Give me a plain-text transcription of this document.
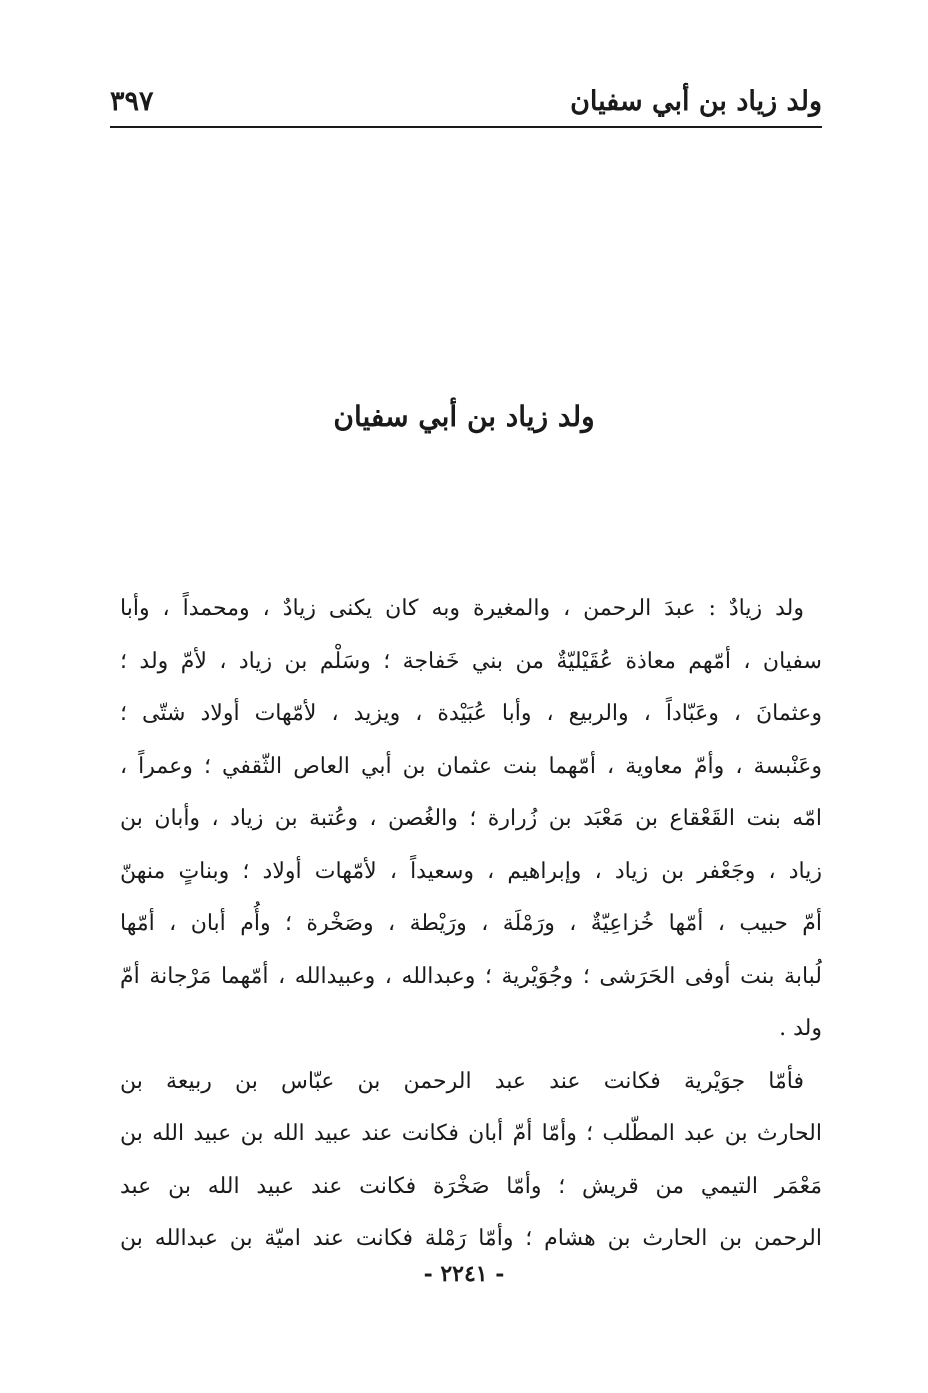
ولد زياد بن أبي سفيان
٣٩٧
ولد زياد بن أبي سفيان
ولد زيادٌ : عبدَ الرحمن ، والمغيرة وبه كان يكنى زيادٌ ، ومحمداً ، وأبا
سفيان ، أمّهم معاذة عُقَيْليّةٌ من بني خَفاجة ؛ وسَلْم بن زياد ، لأمّ ولد ؛
وعثمانَ ، وعَبّاداً ، والربيع ، وأبا عُبَيْدة ، ويزيد ، لأمّهات أولاد شتّى ؛
وعَنْبسة ، وأمّ معاوية ، أمّهما بنت عثمان بن أبي العاص الثّقفي ؛ وعمراً ،
امّه بنت القَعْقاع بن مَعْبَد بن زُرارة ؛ والغُصن ، وعُتبة بن زياد ، وأبان بن
زياد ، وجَعْفر بن زياد ، وإبراهيم ، وسعيداً ، لأمّهات أولاد ؛ وبناتٍ منهنّ
أمّ حبيب ، أمّها خُزاعِيّةٌ ، ورَمْلَة ، ورَيْطة ، وصَخْرة ؛ وأُم أبان ، أمّها
لُبابة بنت أوفى الحَرَشى ؛ وجُوَيْرية ؛ وعبدالله ، وعبيدالله ، أمّهما مَرْجانة أمّ
ولد .
فأمّا جوَيْرية فكانت عند عبد الرحمن بن عبّاس بن ربيعة بن
الحارث بن عبد المطّلب ؛ وأمّا أمّ أبان فكانت عند عبيد الله بن عبيد الله بن
مَعْمَر التيمي من قريش ؛ وأمّا صَخْرَة فكانت عند عبيد الله بن عبد
الرحمن بن الحارث بن هشام ؛ وأمّا رَمْلة فكانت عند اميّة بن عبدالله بن
- ٢٢٤١ -
